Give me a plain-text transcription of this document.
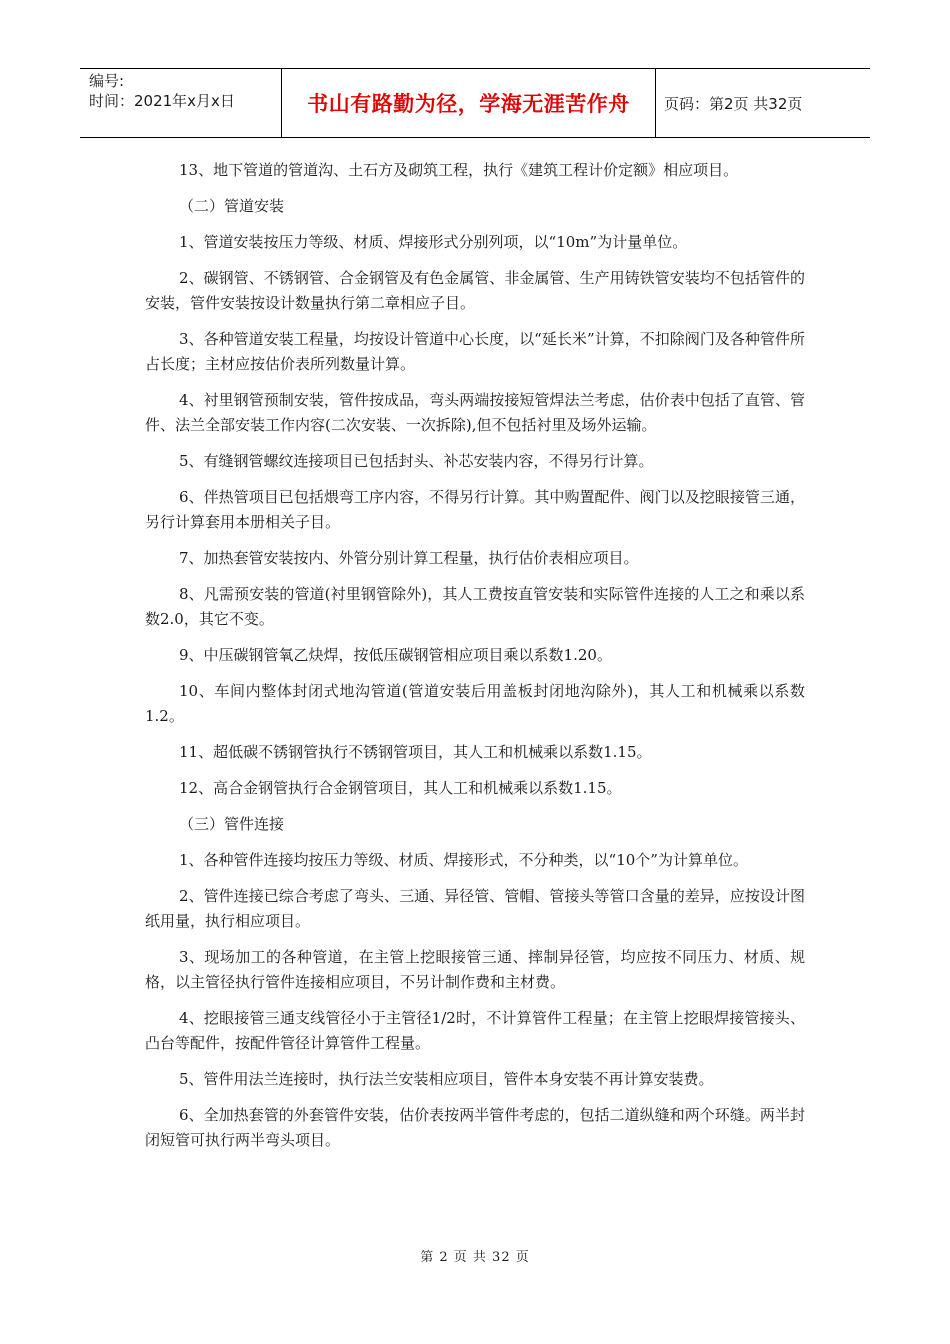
编号:
时间：2021年x月x日	书山有路勤为径，学海无涯苦作舟	页码：第2页 共32页

13、地下管道的管道沟、土石方及砌筑工程，执行《建筑工程计价定额》相应项目。

（二）管道安装

1、管道安装按压力等级、材质、焊接形式分别列项，以“10m”为计量单位。

2、碳钢管、不锈钢管、合金钢管及有色金属管、非金属管、生产用铸铁管安装均不包括管件的安装，管件安装按设计数量执行第二章相应子目。

3、各种管道安装工程量，均按设计管道中心长度，以“延长米”计算，不扣除阀门及各种管件所占长度；主材应按估价表所列数量计算。

4、衬里钢管预制安装，管件按成品，弯头两端按接短管焊法兰考虑，估价表中包括了直管、管件、法兰全部安装工作内容(二次安装、一次拆除),但不包括衬里及场外运输。

5、有缝钢管螺纹连接项目已包括封头、补芯安装内容，不得另行计算。

6、伴热管项目已包括煨弯工序内容，不得另行计算。其中购置配件、阀门以及挖眼接管三通，另行计算套用本册相关子目。

7、加热套管安装按内、外管分别计算工程量，执行估价表相应项目。

8、凡需预安装的管道(衬里钢管除外)，其人工费按直管安装和实际管件连接的人工之和乘以系数2.0，其它不变。

9、中压碳钢管氧乙炔焊，按低压碳钢管相应项目乘以系数1.20。

10、车间内整体封闭式地沟管道(管道安装后用盖板封闭地沟除外)，其人工和机械乘以系数1.2。

11、超低碳不锈钢管执行不锈钢管项目，其人工和机械乘以系数1.15。

12、高合金钢管执行合金钢管项目，其人工和机械乘以系数1.15。

（三）管件连接

1、各种管件连接均按压力等级、材质、焊接形式，不分种类，以“10个”为计算单位。

2、管件连接已综合考虑了弯头、三通、异径管、管帽、管接头等管口含量的差异，应按设计图纸用量，执行相应项目。

3、现场加工的各种管道，在主管上挖眼接管三通、摔制异径管，均应按不同压力、材质、规格，以主管径执行管件连接相应项目，不另计制作费和主材费。

4、挖眼接管三通支线管径小于主管径1/2时，不计算管件工程量；在主管上挖眼焊接管接头、凸台等配件，按配件管径计算管件工程量。

5、管件用法兰连接时，执行法兰安装相应项目，管件本身安装不再计算安装费。

6、全加热套管的外套管件安装，估价表按两半管件考虑的，包括二道纵缝和两个环缝。两半封闭短管可执行两半弯头项目。

第 2 页 共 32 页
